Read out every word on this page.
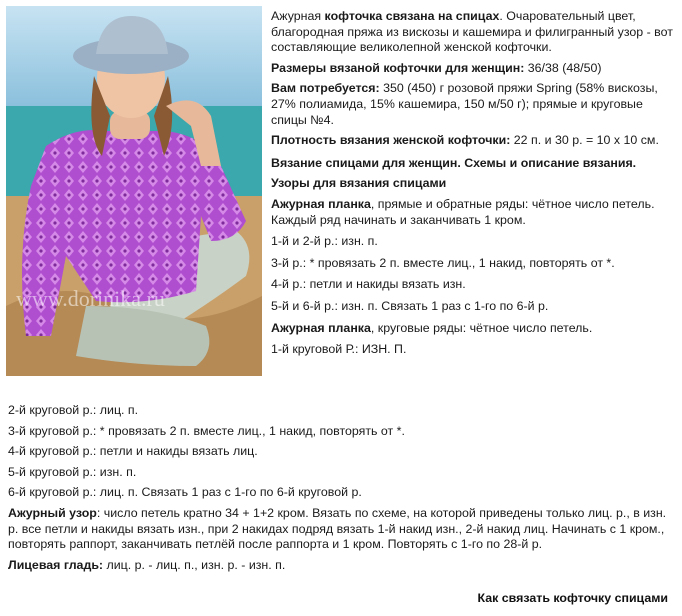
www.dorinika.ru

Ажурная кофточка связана на спицах. Очаровательный цвет, благородная пряжа из вискозы и кашемира и филигранный узор - вот составляющие великолепной женской кофточки.

Размеры вязаной кофточки для женщин: 36/38 (48/50)

Вам потребуется: 350 (450) г розовой пряжи Spring (58% вискозы, 27% полиамида, 15% кашемира, 150 м/50 г); прямые и круговые спицы №4.

Плотность вязания женской кофточки: 22 п. и 30 р. = 10 х 10 см.

Вязание спицами для женщин. Схемы и описание вязания.

Узоры для вязания спицами

Ажурная планка, прямые и обратные ряды: чётное число петель. Каждый ряд начинать и заканчивать 1 кром.

1-й и 2-й р.: изн. п.

3-й р.: * провязать 2 п. вместе лиц., 1 накид, повторять от *.

4-й р.: петли и накиды вязать изн.

5-й и 6-й р.: изн. п. Связать 1 раз с 1-го по 6-й р.

Ажурная планка, круговые ряды: чётное число петель.

1-й круговой Р.: ИЗН. П.

2-й круговой р.: лиц. п.

3-й круговой р.: * провязать 2 п. вместе лиц., 1 накид, повторять от *.

4-й круговой р.: петли и накиды вязать лиц.

5-й круговой р.: изн. п.

6-й круговой р.: лиц. п. Связать 1 раз с 1-го по 6-й круговой р.

Ажурный узор: число петель кратно 34 + 1+2 кром. Вязать по схеме, на которой приведены только лиц. р., в изн. р. все петли и накиды вязать изн., при 2 накидах подряд вязать 1-й накид изн., 2-й накид лиц. Начинать с 1 кром., повторять раппорт, заканчивать петлёй после раппорта и 1 кром. Повторять с 1-го по 28-й р.

Лицевая гладь: лиц. р. - лиц. п., изн. р. - изн. п.

Как связать кофточку спицами
